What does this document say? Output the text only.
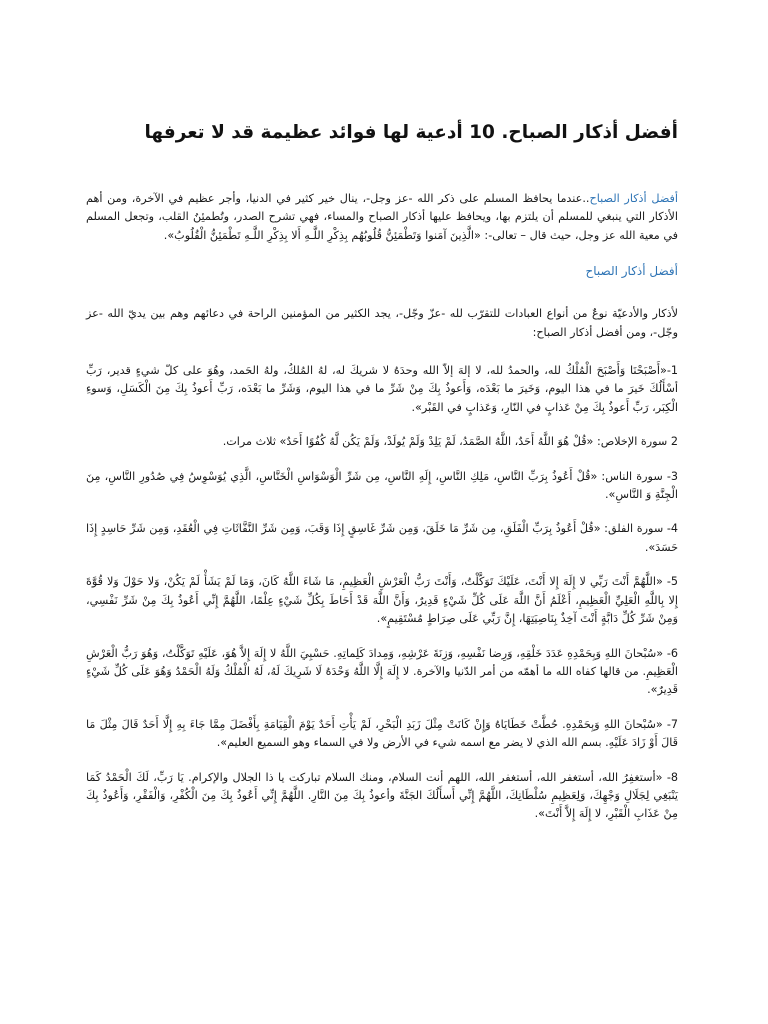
أفضل أذكار الصباح. 10 أدعية لها فوائد عظيمة قد لا تعرفها

أفضل أذكار الصباح..عندما يحافظ المسلم على ذكر الله -عز وجل-، ينال خير كثير في الدنيا، وأجر عظيم في الآخرة، ومن أهم الأذكار التي ينبغي للمسلم أن يلتزم بها، ويحافظ عليها أذكار الصباح والمساء، فهي تشرح الصدر، وتُطمئِنُ القلب، وتجعل المسلم في معية الله عز وجل، حيث قال – تعالى-: «الَّذِينَ آمَنوا وَتَطْمَئِنُّ قُلُوبُهُم بِذِكْرِ اللَّـهِ أَلا بِذِكْرِ اللَّـهِ تَطْمَئِنُّ الْقُلُوبُ».

أفضل أذكار الصباح

لأذكار والأدعيّة نوعٌ من أنواع العبادات للتقرّب لله -عزّ وجّل-، يجد الكثير من المؤمنين الراحة في دعائهم وهم بين يديّ الله -عز وجّل-، ومن أفضل أذكار الصباح:

1-«أَصْبَحْنَا وَأَصْبَحَ الْمُلْكُ لله، والحمدُ لله، لا إلهَ إلاّ الله وحدَهُ لا شريكَ له، لهُ المُلكُ، ولهُ الحَمد، وهُوَ على كلّ شيءٍ قدير، رَبِّ أسْأَلُكَ خَيرَ ما في هذا اليوم، وَخَيرَ ما بَعْدَه، وَأَعوذُ بِكَ مِنْ شَرِّ ما في هذا اليوم، وَشَرِّ ما بَعْدَه، رَبِّ أَعوذُ بِكَ مِنَ الْكَسَلِ، وَسوءِ الْكِبَر، رَبِّ أَعوذُ بِكَ مِنْ عَذابٍ في النّارِ، وَعَذابٍ في القَبْر».

2 سورة الإخلاص: «قُلْ هُوَ اللَّهُ أَحَدٌ، اللَّهُ الصَّمَدُ، لَمْ يَلِدْ وَلَمْ يُولَدْ، وَلَمْ يَكُن لَّهُ كُفُوًا أَحَدٌ» ثلاث مرات.

3- سورة الناس: «قُلْ أَعُوذُ بِرَبِّ النَّاسِ، مَلِكِ النَّاسِ، إِلَهِ النَّاسِ، مِن شَرِّ الْوَسْوَاسِ الْخَنَّاسِ، الَّذِي يُوَسْوِسُ فِي صُدُورِ النَّاسِ، مِنَ الْجِنَّةِ وَ النَّاسِ».

4- سورة الفلق: «قُلْ أَعُوذُ بِرَبِّ الْفَلَقِ، مِن شَرِّ مَا خَلَقَ، وَمِن شَرِّ غَاسِقٍ إِذَا وَقَبَ، وَمِن شَرِّ النَّفَّاثَاتِ فِي الْعُقَدِ، وَمِن شَرِّ حَاسِدٍ إِذَا حَسَدَ».

5- «اللَّهُمَّ أَنْتَ رَبِّي لا إِلَهَ إِلا أَنْتَ، عَلَيْكَ تَوَكَّلْتُ، وَأَنْتَ رَبُّ الْعَرْشِ الْعَظِيمِ، مَا شَاءَ اللَّهُ كَانَ، وَمَا لَمْ يَشَأْ لَمْ يَكُنْ، وَلا حَوْلَ وَلا قُوَّةَ إِلا بِاللَّهِ الْعَلِيِّ الْعَظِيمِ، أَعْلَمُ أَنَّ اللَّهَ عَلَى كُلِّ شَيْءٍ قَدِيرٌ، وَأَنَّ اللَّهَ قَدْ أَحَاطَ بِكُلِّ شَيْءٍ عِلْمًا، اللَّهُمَّ إِنِّي أَعُوذُ بِكَ مِنْ شَرِّ نَفْسِي، وَمِنْ شَرِّ كُلِّ دَابَّةٍ أَنْتَ آخِذٌ بِنَاصِيَتِهَا، إِنَّ رَبِّي عَلَى صِرَاطٍ مُسْتَقِيمٍ».

6- «سُبْحانَ اللهِ وَبِحَمْدِهِ عَدَدَ خَلْقِهِ، وَرِضا نَفْسِهِ، وَزِنَةَ عَرْشِهِ، وَمِدادَ كَلِماتِهِ. حَسْبِيَ اللَّهُ لا إِلَهَ إِلاَّ هُوَ، عَلَيْهِ تَوَكَّلْتُ، وَهُوَ رَبُّ الْعَرْشِ الْعَظِيمِ. من قالها كفاه الله ما أهمّه من أمر الدّنيا والآخرة. لا إِلَهَ إِلَّا اللَّهُ وَحْدَهُ لَا شَرِيكَ لَهُ، لَهُ الْمُلْكُ وَلَهُ الْحَمْدُ وَهُوَ عَلَى كُلِّ شَيْءٍ قَدِيرٌ».

7- «سُبْحانَ اللهِ وَبِحَمْدِهِ. حُطَّتْ خَطَايَاهُ وَإِنْ كَانَتْ مِثْلَ زَبَدِ الْبَحْرِ، لَمْ يَأْتِ أَحَدٌ يَوْمَ الْقِيَامَةِ بِأَفْضَلَ مِمَّا جَاءَ بِهِ إِلَّا أَحَدٌ قَالَ مِثْلَ مَا قَالَ أَوْ زَادَ عَلَيْهِ. بسم الله الذي لا يضر مع اسمه شيء في الأرض ولا في السماء وهو السميع العليم».

8- «أستغفِرُ الله، أستغفر الله، أستغفر الله، اللهم أنت السلام، ومنك السلام تباركت يا ذا الجلال والإكرام. يَا رَبِّ، لَكَ الْحَمْدُ كَمَا يَنْبَغِي لِجَلَالِ وَجْهِكَ، وَلِعَظِيمِ سُلْطَانِكَ، اللَّهُمَّ إِنِّي أَسأَلُكَ الجَنَّةَ وأعوذُ بِكَ مِنَ النَّارِ. اللَّهُمَّ إِنِّي أَعُوذُ بِكَ مِنَ الْكُفْرِ، وَالْفَقْرِ، وَأَعُوذُ بِكَ مِنْ عَذَابِ الْقَبْرِ، لا إِلَهَ إِلاَّ أَنْتَ».
